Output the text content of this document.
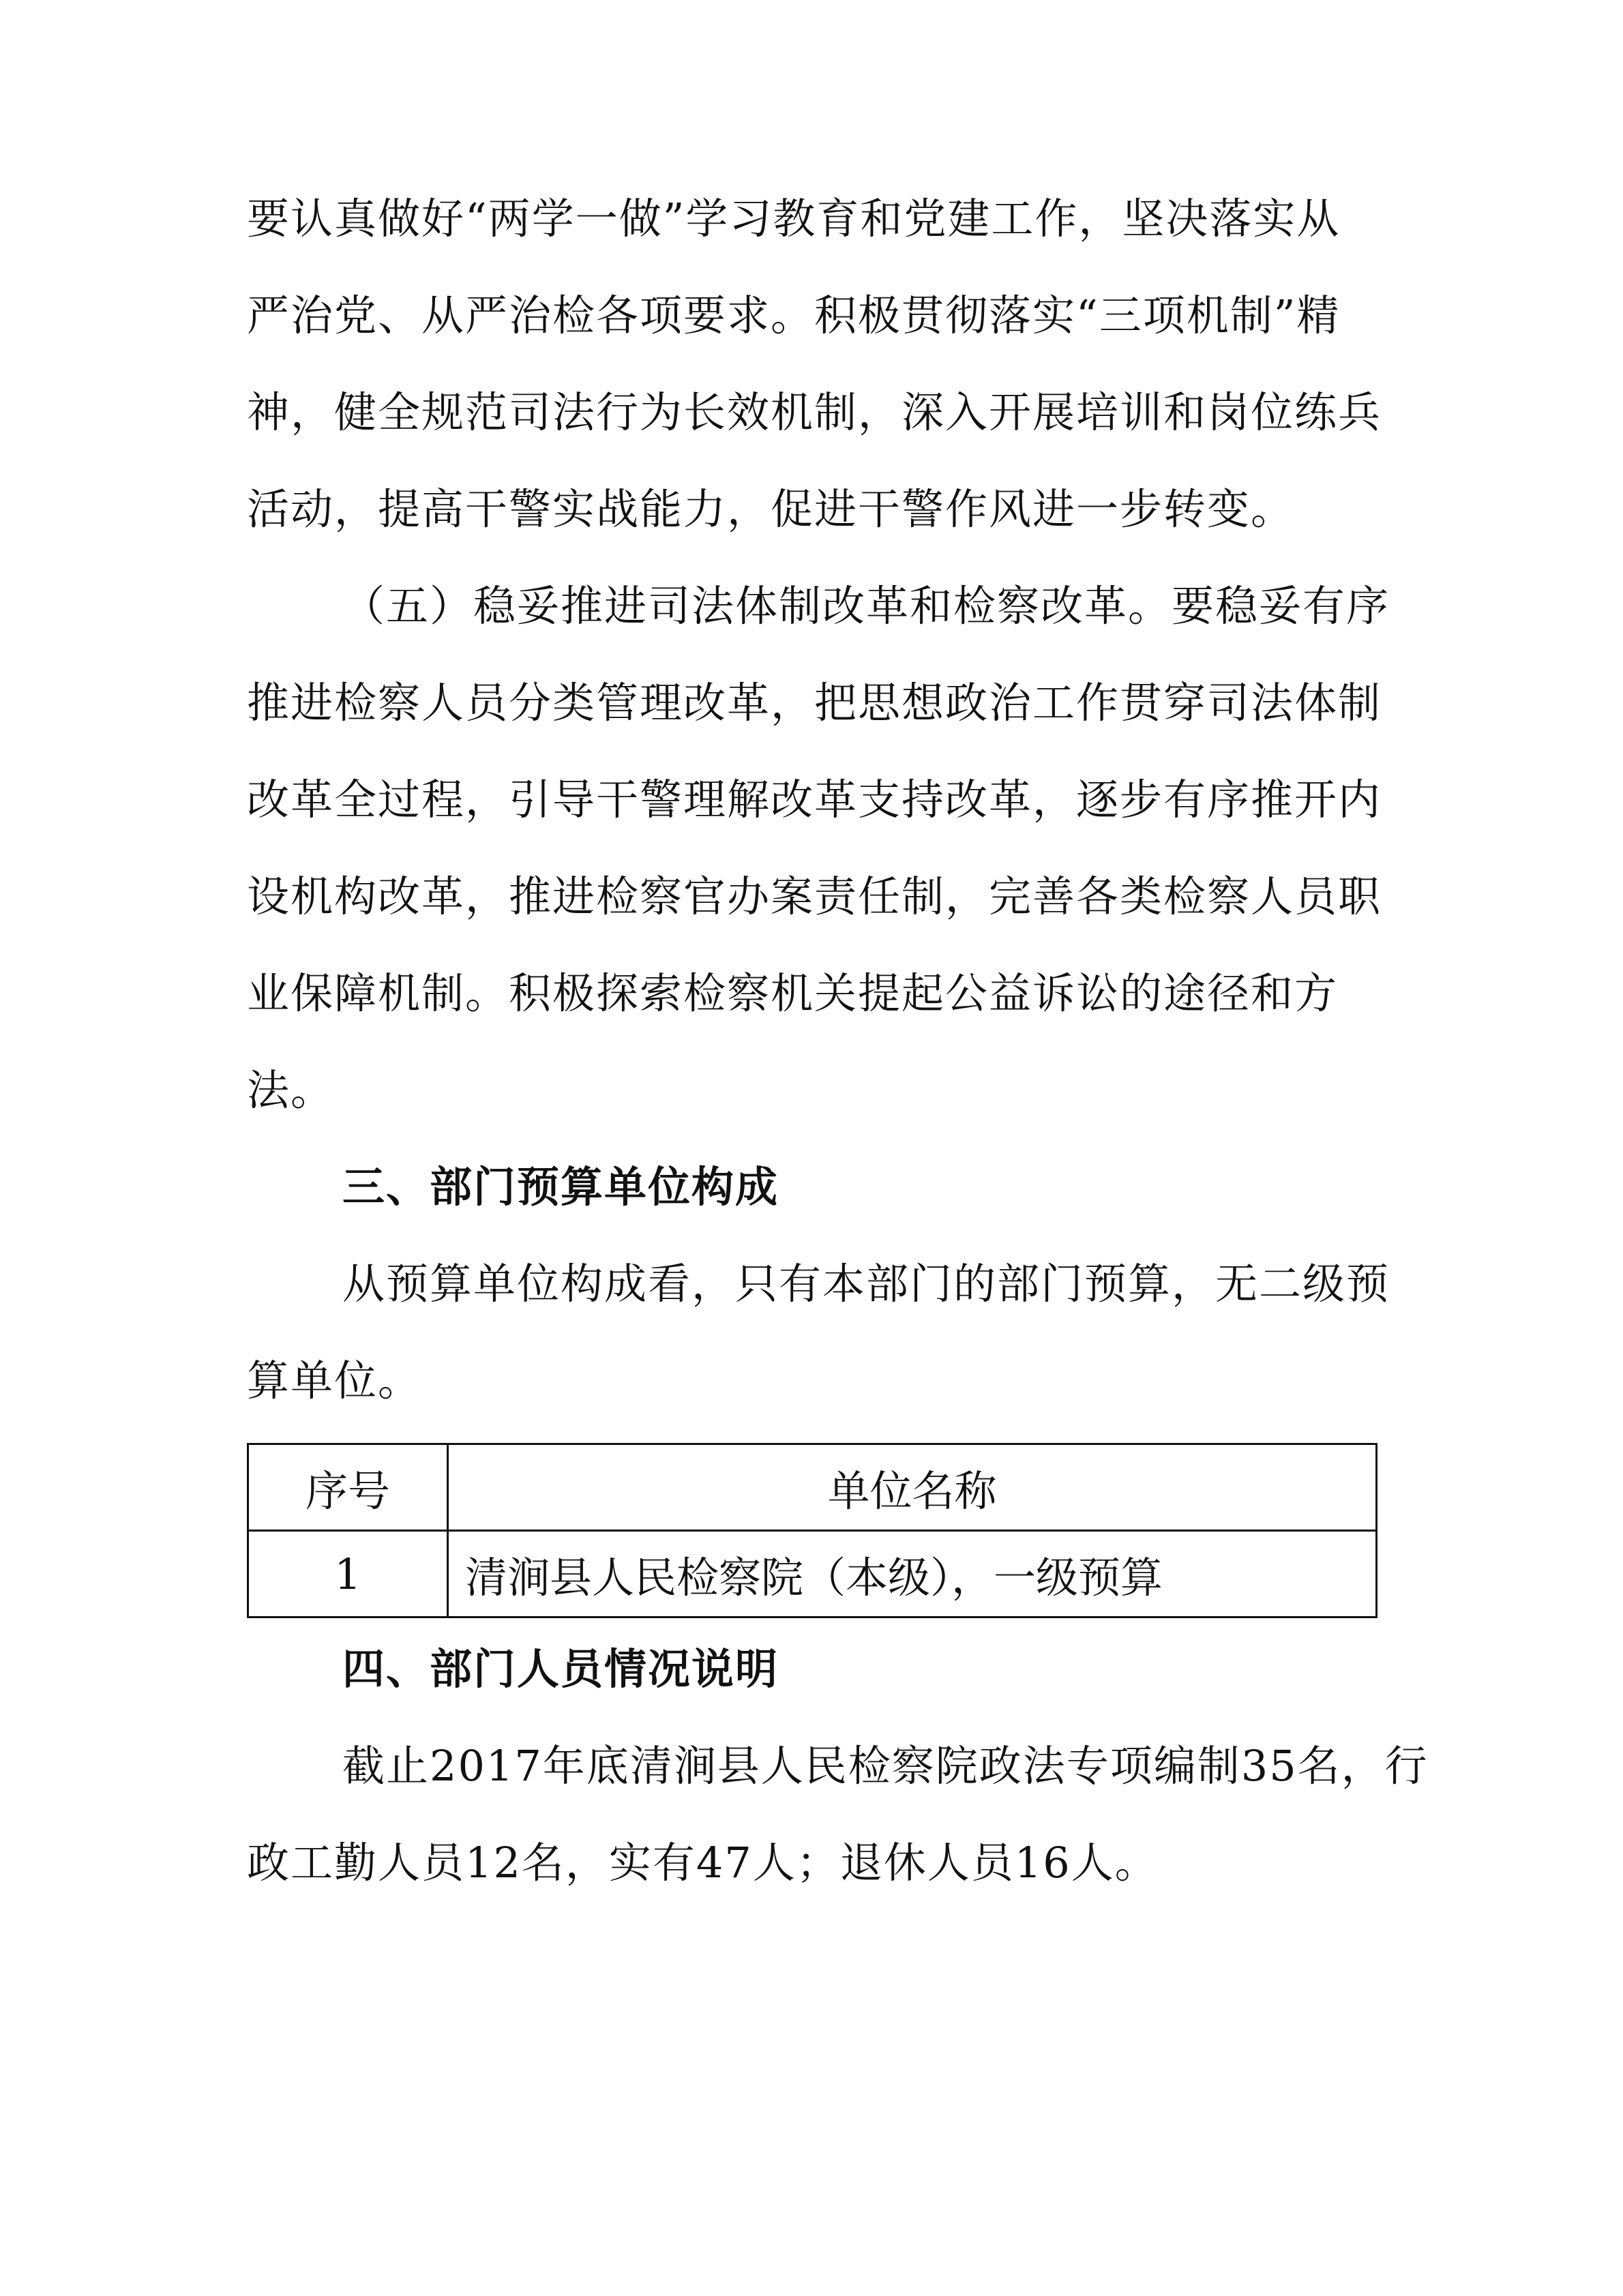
要认真做好“两学一做”学习教育和党建工作，坚决落实从
严治党、从严治检各项要求。积极贯彻落实“三项机制”精
神，健全规范司法行为长效机制，深入开展培训和岗位练兵
活动，提高干警实战能力，促进干警作风进一步转变。
（五）稳妥推进司法体制改革和检察改革。要稳妥有序
推进检察人员分类管理改革，把思想政治工作贯穿司法体制
改革全过程，引导干警理解改革支持改革，逐步有序推开内
设机构改革，推进检察官办案责任制，完善各类检察人员职
业保障机制。积极探索检察机关提起公益诉讼的途径和方
法。
三、部门预算单位构成
从预算单位构成看，只有本部门的部门预算，无二级预
算单位。
序号	单位名称
1	清涧县人民检察院（本级），一级预算
四、部门人员情况说明
截止2017年底清涧县人民检察院政法专项编制35名，行
政工勤人员12名，实有47人；退休人员16人。
